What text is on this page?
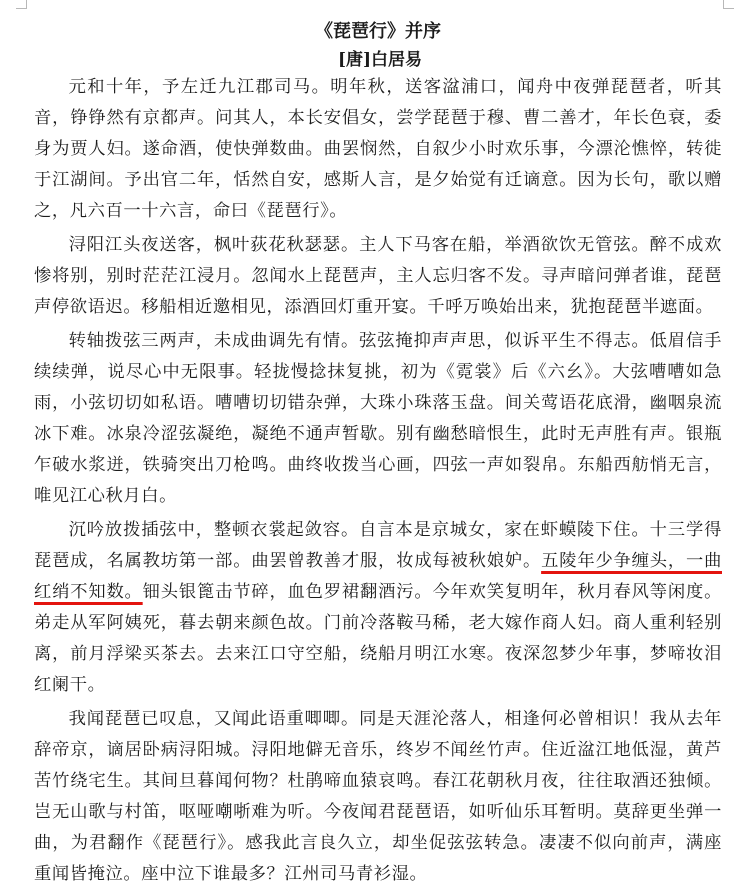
《琵琶行》并序
[唐]白居易

元和十年，予左迁九江郡司马。明年秋，送客湓浦口，闻舟中夜弹琵琶者，听其音，铮铮然有京都声。问其人，本长安倡女，尝学琵琶于穆、曹二善才，年长色衰，委身为贾人妇。遂命酒，使快弹数曲。曲罢悯然，自叙少小时欢乐事，今漂沦憔悴，转徙于江湖间。予出官二年，恬然自安，感斯人言，是夕始觉有迁谪意。因为长句，歌以赠之，凡六百一十六言，命曰《琵琶行》。

浔阳江头夜送客，枫叶荻花秋瑟瑟。主人下马客在船，举酒欲饮无管弦。醉不成欢惨将别，别时茫茫江浸月。忽闻水上琵琶声，主人忘归客不发。寻声暗问弹者谁，琵琶声停欲语迟。移船相近邀相见，添酒回灯重开宴。千呼万唤始出来，犹抱琵琶半遮面。

转轴拨弦三两声，未成曲调先有情。弦弦掩抑声声思，似诉平生不得志。低眉信手续续弹，说尽心中无限事。轻拢慢捻抹复挑，初为《霓裳》后《六幺》。大弦嘈嘈如急雨，小弦切切如私语。嘈嘈切切错杂弹，大珠小珠落玉盘。间关莺语花底滑，幽咽泉流冰下难。冰泉冷涩弦凝绝，凝绝不通声暂歇。别有幽愁暗恨生，此时无声胜有声。银瓶乍破水浆迸，铁骑突出刀枪鸣。曲终收拨当心画，四弦一声如裂帛。东船西舫悄无言，唯见江心秋月白。

沉吟放拨插弦中，整顿衣裳起敛容。自言本是京城女，家在虾蟆陵下住。十三学得琵琶成，名属教坊第一部。曲罢曾教善才服，妆成每被秋娘妒。五陵年少争缠头，一曲红绡不知数。钿头银篦击节碎，血色罗裙翻酒污。今年欢笑复明年，秋月春风等闲度。弟走从军阿姨死，暮去朝来颜色故。门前冷落鞍马稀，老大嫁作商人妇。商人重利轻别离，前月浮梁买茶去。去来江口守空船，绕船月明江水寒。夜深忽梦少年事，梦啼妆泪红阑干。

我闻琵琶已叹息，又闻此语重唧唧。同是天涯沦落人，相逢何必曾相识！我从去年辞帝京，谪居卧病浔阳城。浔阳地僻无音乐，终岁不闻丝竹声。住近湓江地低湿，黄芦苦竹绕宅生。其间旦暮闻何物？杜鹃啼血猿哀鸣。春江花朝秋月夜，往往取酒还独倾。岂无山歌与村笛，呕哑嘲哳难为听。今夜闻君琵琶语，如听仙乐耳暂明。莫辞更坐弹一曲，为君翻作《琵琶行》。感我此言良久立，却坐促弦弦转急。凄凄不似向前声，满座重闻皆掩泣。座中泣下谁最多？江州司马青衫湿。
